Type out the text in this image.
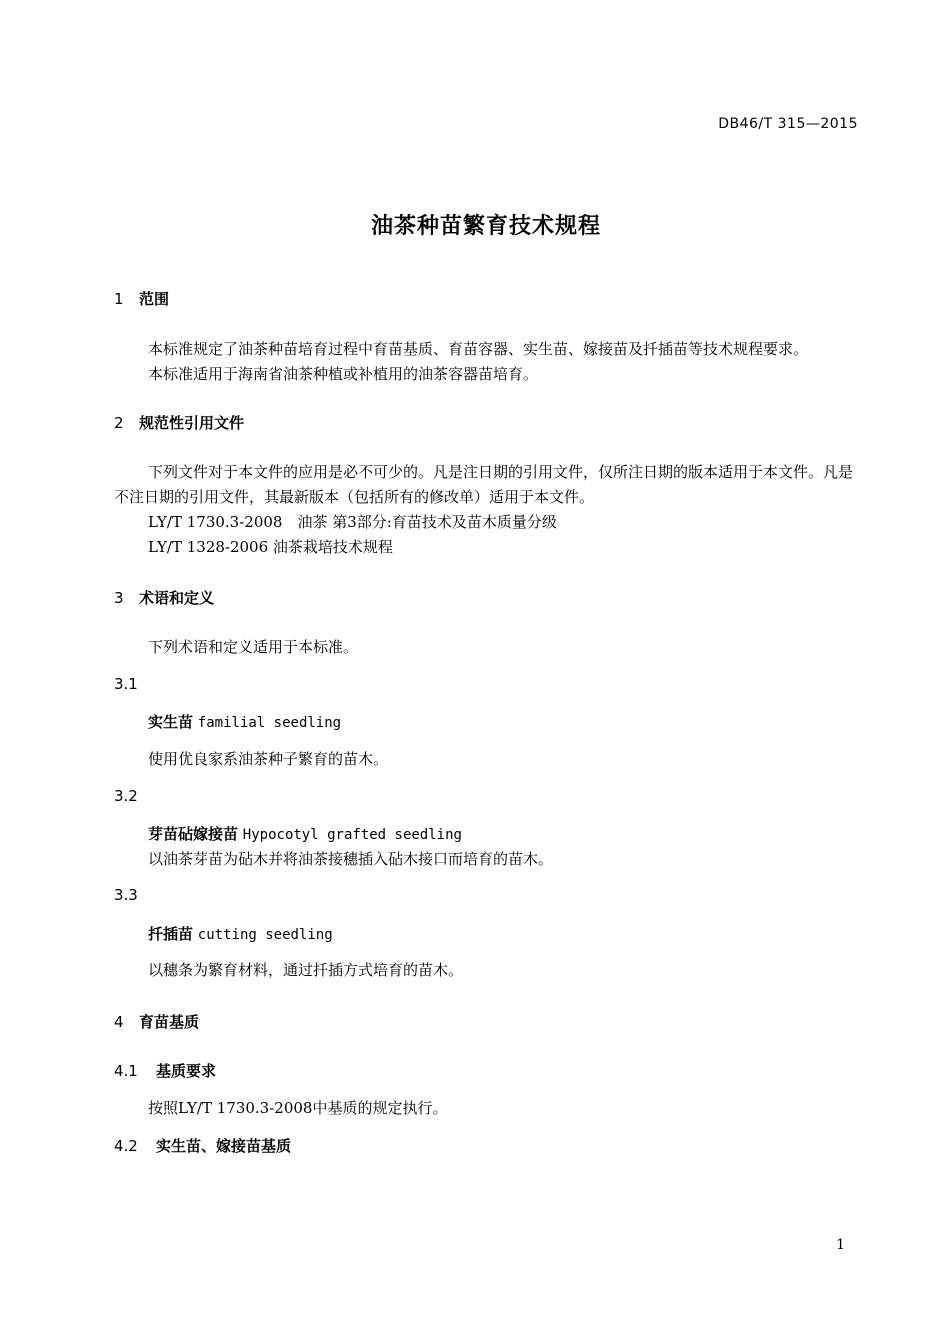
DB46/T 315—2015
油茶种苗繁育技术规程
1 范围
本标准规定了油茶种苗培育过程中育苗基质、育苗容器、实生苗、嫁接苗及扦插苗等技术规程要求。
本标准适用于海南省油茶种植或补植用的油茶容器苗培育。
2 规范性引用文件
下列文件对于本文件的应用是必不可少的。凡是注日期的引用文件，仅所注日期的版本适用于本文件。凡是不注日期的引用文件，其最新版本（包括所有的修改单）适用于本文件。
LY/T 1730.3-2008　油茶 第3部分:育苗技术及苗木质量分级
LY/T 1328-2006 油茶栽培技术规程
3 术语和定义
下列术语和定义适用于本标准。
3.1
实生苗 familial seedling
使用优良家系油茶种子繁育的苗木。
3.2
芽苗砧嫁接苗 Hypocotyl grafted seedling
以油茶芽苗为砧木并将油茶接穗插入砧木接口而培育的苗木。
3.3
扦插苗 cutting seedling
以穗条为繁育材料，通过扦插方式培育的苗木。
4 育苗基质
4.1 基质要求
按照LY/T 1730.3-2008中基质的规定执行。
4.2 实生苗、嫁接苗基质
1
